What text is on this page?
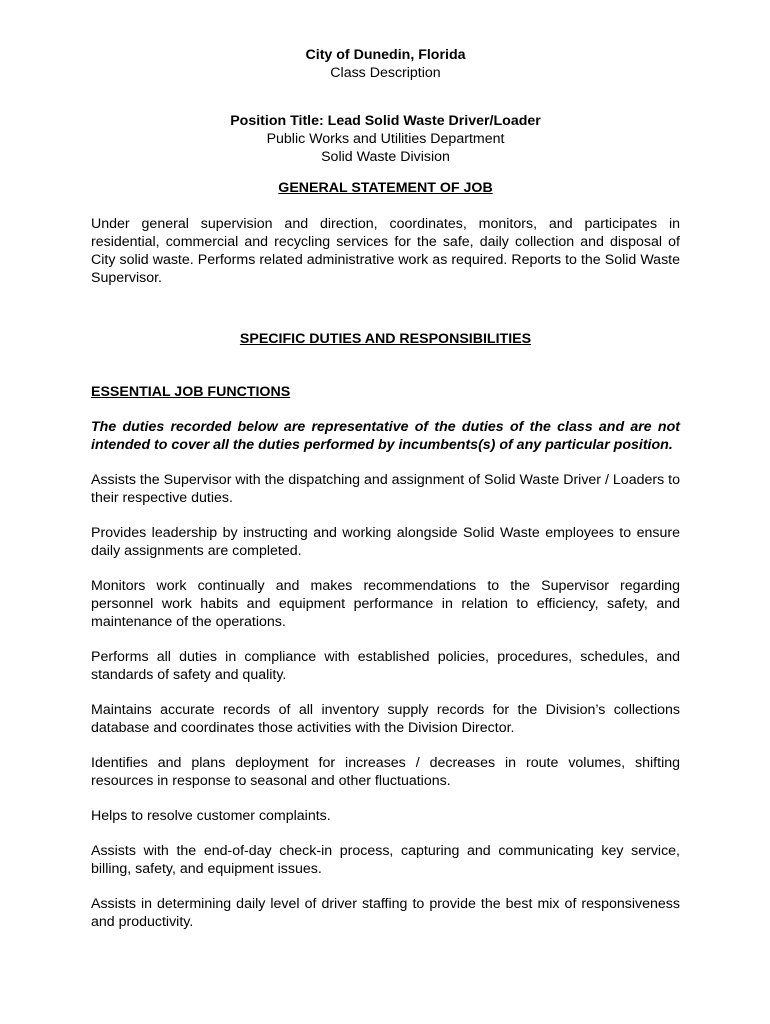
City of Dunedin, Florida
Class Description
Position Title: Lead Solid Waste Driver/Loader
Public Works and Utilities Department
Solid Waste Division
GENERAL STATEMENT OF JOB

Under general supervision and direction, coordinates, monitors, and participates in residential, commercial and recycling services for the safe, daily collection and disposal of City solid waste. Performs related administrative work as required. Reports to the Solid Waste Supervisor.

SPECIFIC DUTIES AND RESPONSIBILITIES

ESSENTIAL JOB FUNCTIONS

The duties recorded below are representative of the duties of the class and are not intended to cover all the duties performed by incumbents(s) of any particular position.

Assists the Supervisor with the dispatching and assignment of Solid Waste Driver / Loaders to their respective duties.

Provides leadership by instructing and working alongside Solid Waste employees to ensure daily assignments are completed.

Monitors work continually and makes recommendations to the Supervisor regarding personnel work habits and equipment performance in relation to efficiency, safety, and maintenance of the operations.

Performs all duties in compliance with established policies, procedures, schedules, and standards of safety and quality.

Maintains accurate records of all inventory supply records for the Division’s collections database and coordinates those activities with the Division Director.

Identifies and plans deployment for increases / decreases in route volumes, shifting resources in response to seasonal and other fluctuations.

Helps to resolve customer complaints.

Assists with the end-of-day check-in process, capturing and communicating key service, billing, safety, and equipment issues.

Assists in determining daily level of driver staffing to provide the best mix of responsiveness and productivity.
